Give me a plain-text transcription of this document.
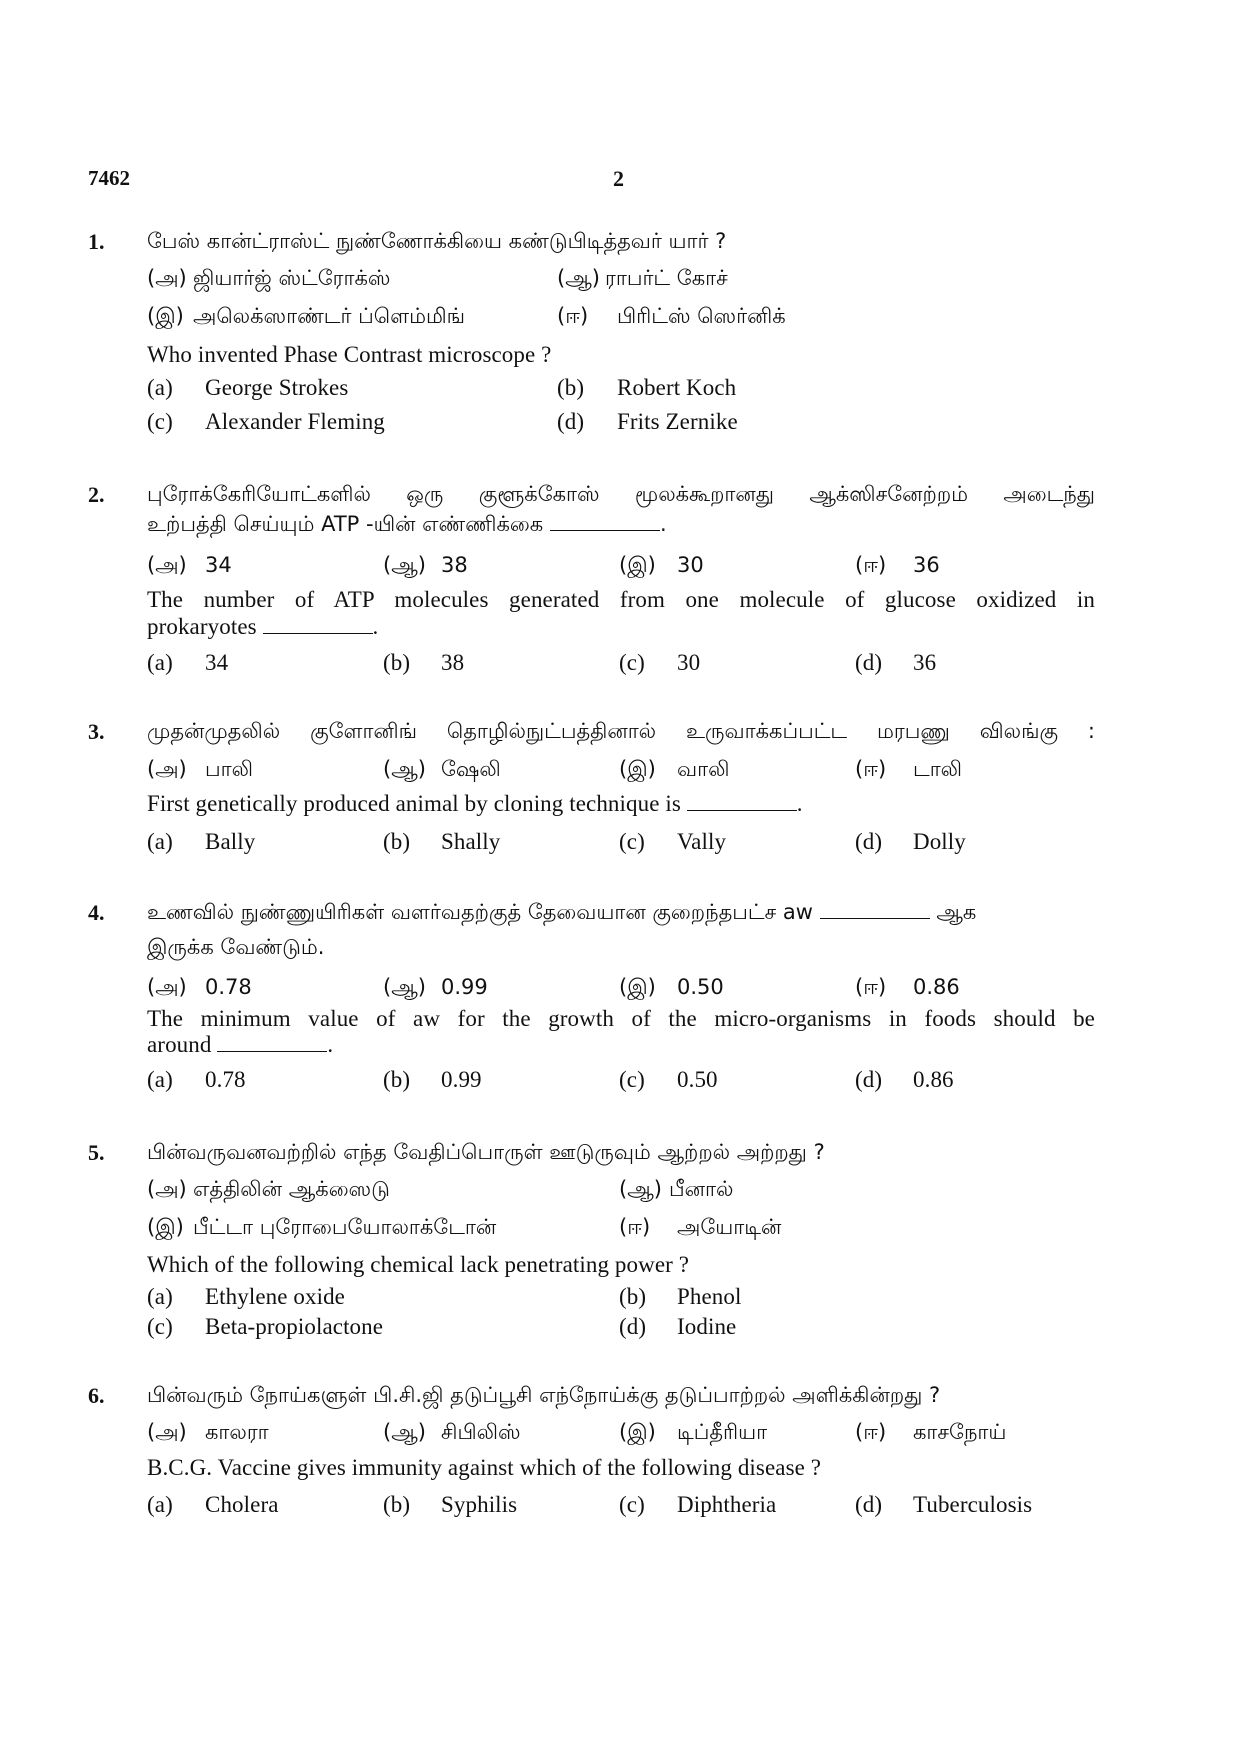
7462	2
1. பேஸ் கான்ட்ராஸ்ட் நுண்ணோக்கியை கண்டுபிடித்தவர் யார் ?
(அ) ஜியார்ஜ் ஸ்ட்ரோக்ஸ்	(ஆ) ராபர்ட் கோச்
(இ) அலெக்ஸாண்டர் ப்ளெம்மிங்	(ஈ) பிரிட்ஸ் ஸெர்னிக்
Who invented Phase Contrast microscope ?
(a) George Strokes	(b) Robert Koch
(c) Alexander Fleming	(d) Frits Zernike
2. புரோக்கேரியோட்களில் ஒரு குளூக்கோஸ் மூலக்கூறானது ஆக்ஸிசனேற்றம் அடைந்து
உற்பத்தி செய்யும் ATP -யின் எண்ணிக்கை	.
(அ) 34	(ஆ) 38	(இ) 30	(ஈ) 36
The number of ATP molecules generated from one molecule of glucose oxidized in
prokaryotes	.
(a) 34	(b) 38	(c) 30	(d) 36
3. முதன்முதலில் குளோனிங் தொழில்நுட்பத்தினால் உருவாக்கப்பட்ட மரபணு விலங்கு :
(அ) பாலி	(ஆ) ஷேலி	(இ) வாலி	(ஈ) டாலி
First genetically produced animal by cloning technique is	.
(a) Bally	(b) Shally	(c) Vally	(d) Dolly
4. உணவில் நுண்ணுயிரிகள் வளர்வதற்குத் தேவையான குறைந்தபட்ச aw	ஆக
இருக்க வேண்டும்.
(அ) 0.78	(ஆ) 0.99	(இ) 0.50	(ஈ) 0.86
The minimum value of aw for the growth of the micro-organisms in foods should be
around	.
(a) 0.78	(b) 0.99	(c) 0.50	(d) 0.86
5. பின்வருவனவற்றில் எந்த வேதிப்பொருள் ஊடுருவும் ஆற்றல் அற்றது ?
(அ) எத்திலின் ஆக்ஸைடு	(ஆ) பீனால்
(இ) பீட்டா புரோபையோலாக்டோன்	(ஈ) அயோடின்
Which of the following chemical lack penetrating power ?
(a) Ethylene oxide	(b) Phenol
(c) Beta-propiolactone	(d) Iodine
6. பின்வரும் நோய்களுள் பி.சி.ஜி தடுப்பூசி எந்நோய்க்கு தடுப்பாற்றல் அளிக்கின்றது ?
(அ) காலரா	(ஆ) சிபிலிஸ்	(இ) டிப்தீரியா	(ஈ) காசநோய்
B.C.G. Vaccine gives immunity against which of the following disease ?
(a) Cholera	(b) Syphilis	(c) Diphtheria	(d) Tuberculosis
